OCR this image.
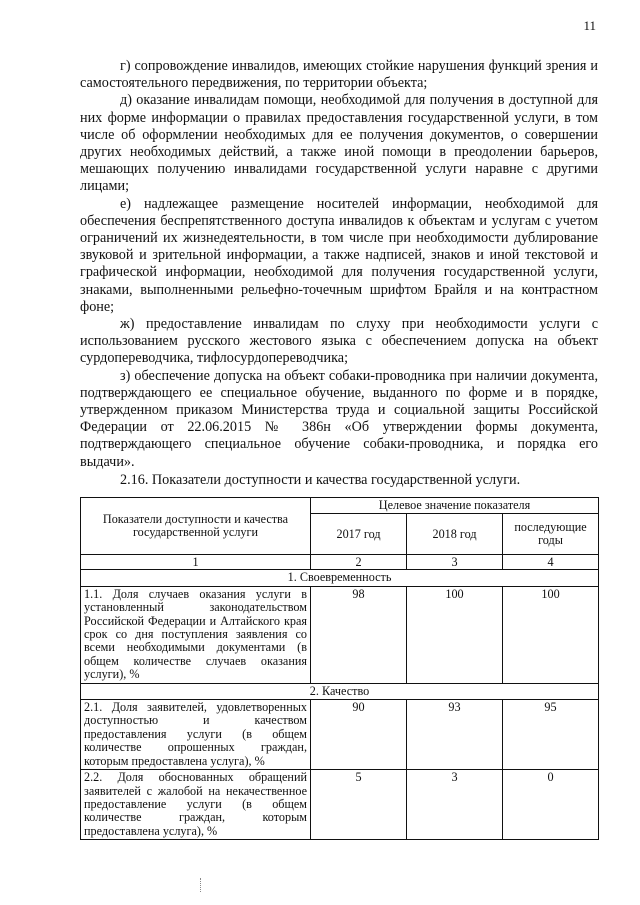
11

г) сопровождение инвалидов, имеющих стойкие нарушения функций зрения и самостоятельного передвижения, по территории объекта;

д) оказание инвалидам помощи, необходимой для получения в доступной для них форме информации о правилах предоставления государственной услуги, в том числе об оформлении необходимых для ее получения документов, о совершении других необходимых действий, а также иной помощи в преодолении барьеров, мешающих получению инвалидами государственной услуги наравне с другими лицами;

е) надлежащее размещение носителей информации, необходимой для обеспечения беспрепятственного доступа инвалидов к объектам и услугам с учетом ограничений их жизнедеятельности, в том числе при необходимости дублирование звуковой и зрительной информации, а также надписей, знаков и иной текстовой и графической информации, необходимой для получения государственной услуги, знаками, выполненными рельефно-точечным шрифтом Брайля и на контрастном фоне;

ж) предоставление инвалидам по слуху при необходимости услуги с использованием русского жестового языка с обеспечением допуска на объект сурдопереводчика, тифлосурдопереводчика;

з) обеспечение допуска на объект собаки-проводника при наличии документа, подтверждающего ее специальное обучение, выданного по форме и в порядке, утвержденном приказом Министерства труда и социальной защиты Российской Федерации от 22.06.2015 № 386н «Об утверждении формы документа, подтверждающего специальное обучение собаки-проводника, и порядка его выдачи».

2.16. Показатели доступности и качества государственной услуги.

Показатели доступности и качества государственной услуги	Целевое значение показателя		
	2017 год	2018 год	последующие годы
1	2	3	4
1. Своевременность			
1.1. Доля случаев оказания услуги в установленный законодательством Российской Федерации и Алтайского края срок со дня поступления заявления со всеми необходимыми документами (в общем количестве случаев оказания услуги), %	98	100	100
2. Качество			
2.1. Доля заявителей, удовлетворенных доступностью и качеством предоставления услуги (в общем количестве опрошенных граждан, которым предоставлена услуга), %	90	93	95
2.2. Доля обоснованных обращений заявителей с жалобой на некачественное предоставление услуги (в общем количестве граждан, которым предоставлена услуга), %	5	3	0
